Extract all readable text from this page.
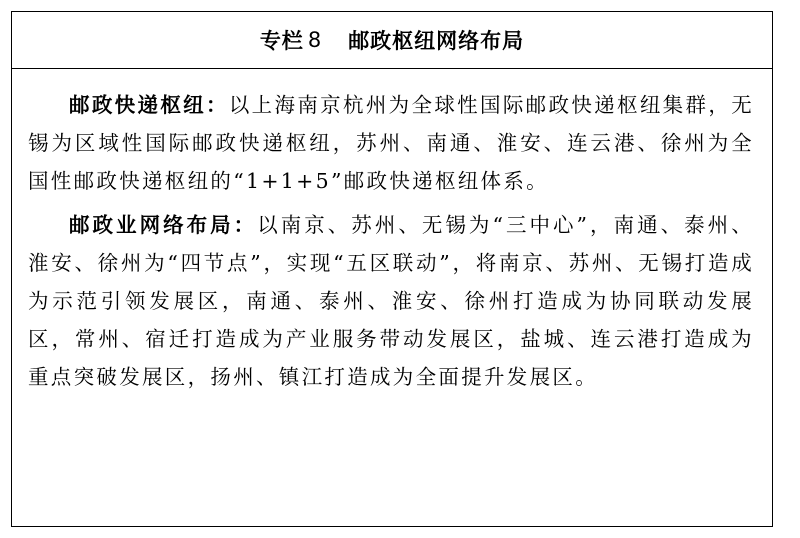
专栏 8 邮政枢纽网络布局

邮政快递枢纽：以上海南京杭州为全球性国际邮政快递枢纽集群，无锡为区域性国际邮政快递枢纽，苏州、南通、淮安、连云港、徐州为全国性邮政快递枢纽的“1+1+5”邮政快递枢纽体系。

邮政业网络布局：以南京、苏州、无锡为“三中心”，南通、泰州、淮安、徐州为“四节点”，实现“五区联动”，将南京、苏州、无锡打造成为示范引领发展区，南通、泰州、淮安、徐州打造成为协同联动发展区，常州、宿迁打造成为产业服务带动发展区，盐城、连云港打造成为重点突破发展区，扬州、镇江打造成为全面提升发展区。
